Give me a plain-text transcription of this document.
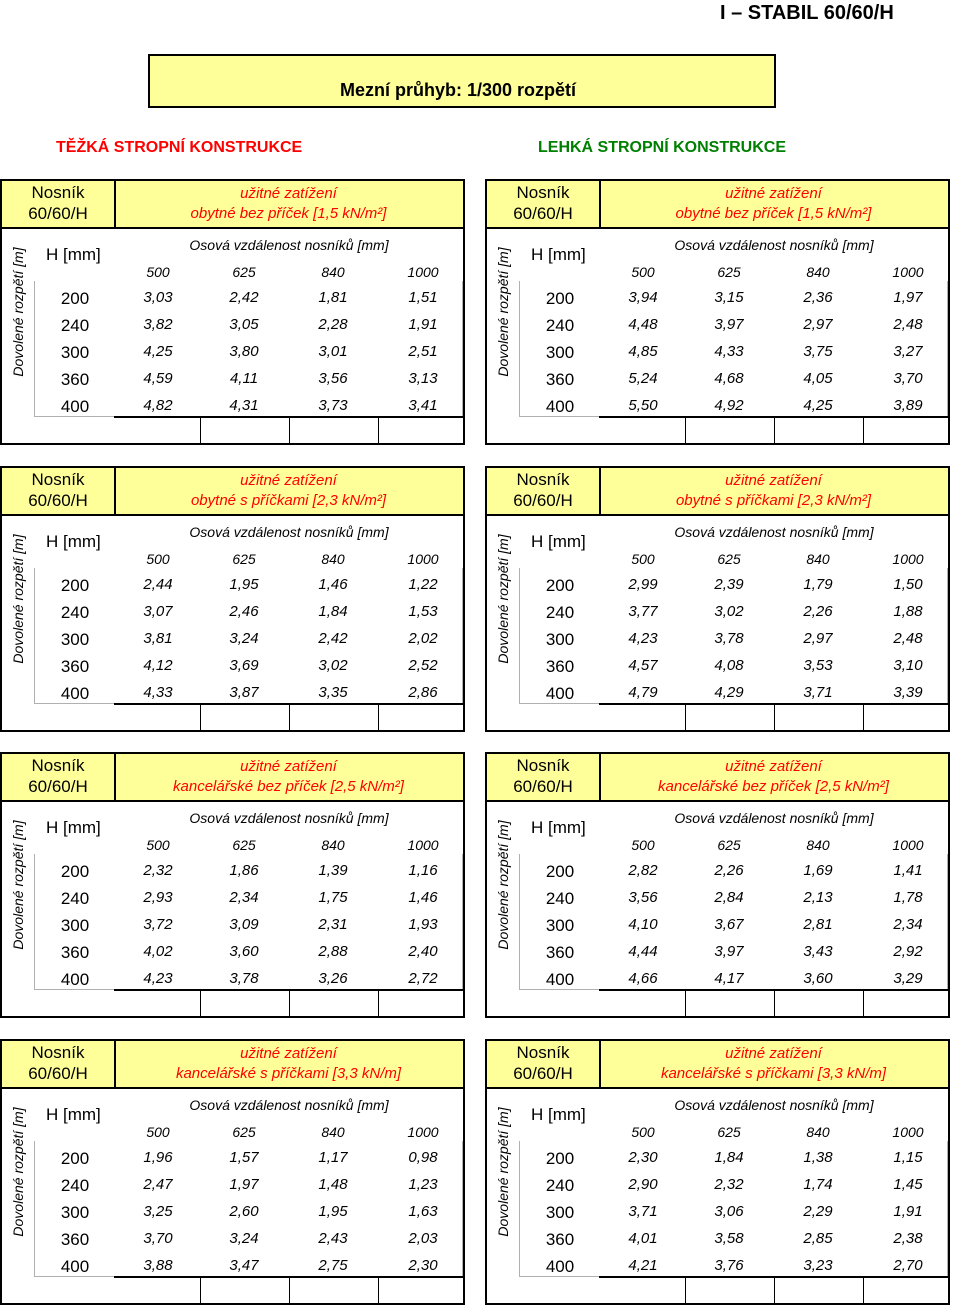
I – STABIL 60/60/H
Mezní průhyb: 1/300 rozpětí
TĚŽKÁ STROPNÍ KONSTRUKCE	LEHKÁ STROPNÍ KONSTRUKCE
Nosník
60/60/H
užitné zatížení
obytné bez příček [1,5 kN/m²]
Dovolené rozpětí [m] H [mm]	Osová vzdálenost nosníků [mm]
500	625	840	1000
200	3,03	2,42	1,81	1,51
240	3,82	3,05	2,28	1,91
300	4,25	3,80	3,01	2,51
360	4,59	4,11	3,56	3,13
400	4,82	4,31	3,73	3,41
Nosník
60/60/H
užitné zatížení
obytné bez příček [1,5 kN/m²]
Dovolené rozpětí [m] H [mm]	Osová vzdálenost nosníků [mm]
500	625	840	1000
200	3,94	3,15	2,36	1,97
240	4,48	3,97	2,97	2,48
300	4,85	4,33	3,75	3,27
360	5,24	4,68	4,05	3,70
400	5,50	4,92	4,25	3,89
Nosník
60/60/H
užitné zatížení
obytné s příčkami [2,3 kN/m²]
Dovolené rozpětí [m] H [mm]	Osová vzdálenost nosníků [mm]
500	625	840	1000
200	2,44	1,95	1,46	1,22
240	3,07	2,46	1,84	1,53
300	3,81	3,24	2,42	2,02
360	4,12	3,69	3,02	2,52
400	4,33	3,87	3,35	2,86
Nosník
60/60/H
užitné zatížení
obytné s příčkami [2,3 kN/m²]
Dovolené rozpětí [m] H [mm]	Osová vzdálenost nosníků [mm]
500	625	840	1000
200	2,99	2,39	1,79	1,50
240	3,77	3,02	2,26	1,88
300	4,23	3,78	2,97	2,48
360	4,57	4,08	3,53	3,10
400	4,79	4,29	3,71	3,39
Nosník
60/60/H
užitné zatížení
kancelářské bez příček [2,5 kN/m²]
Dovolené rozpětí [m] H [mm]	Osová vzdálenost nosníků [mm]
500	625	840	1000
200	2,32	1,86	1,39	1,16
240	2,93	2,34	1,75	1,46
300	3,72	3,09	2,31	1,93
360	4,02	3,60	2,88	2,40
400	4,23	3,78	3,26	2,72
Nosník
60/60/H
užitné zatížení
kancelářské bez příček [2,5 kN/m²]
Dovolené rozpětí [m] H [mm]	Osová vzdálenost nosníků [mm]
500	625	840	1000
200	2,82	2,26	1,69	1,41
240	3,56	2,84	2,13	1,78
300	4,10	3,67	2,81	2,34
360	4,44	3,97	3,43	2,92
400	4,66	4,17	3,60	3,29
Nosník
60/60/H
užitné zatížení
kancelářské s příčkami [3,3 kN/m]
Dovolené rozpětí [m] H [mm]	Osová vzdálenost nosníků [mm]
500	625	840	1000
200	1,96	1,57	1,17	0,98
240	2,47	1,97	1,48	1,23
300	3,25	2,60	1,95	1,63
360	3,70	3,24	2,43	2,03
400	3,88	3,47	2,75	2,30
Nosník
60/60/H
užitné zatížení
kancelářské s příčkami [3,3 kN/m]
Dovolené rozpětí [m] H [mm]	Osová vzdálenost nosníků [mm]
500	625	840	1000
200	2,30	1,84	1,38	1,15
240	2,90	2,32	1,74	1,45
300	3,71	3,06	2,29	1,91
360	4,01	3,58	2,85	2,38
400	4,21	3,76	3,23	2,70
